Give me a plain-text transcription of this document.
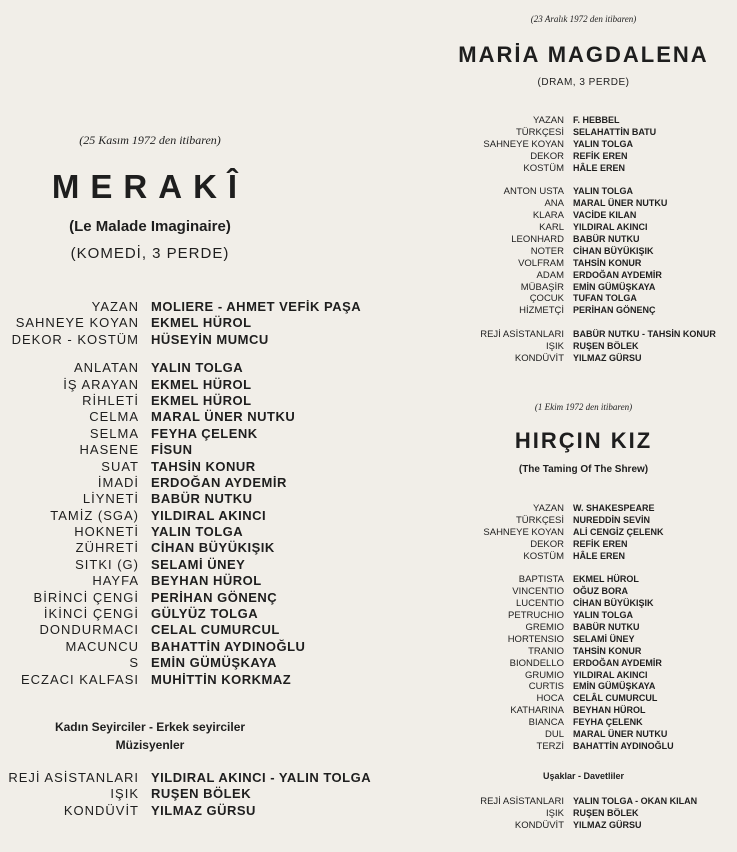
(25 Kasım 1972 den itibaren)
MERAKÎ
(Le Malade Imaginaire)
(KOMEDİ, 3 PERDE)
YAZAN MOLIERE - AHMET VEFİK PAŞA
SAHNEYE KOYAN EKMEL HÜROL
DEKOR - KOSTÜM HÜSEYİN MUMCU
ANLATAN YALIN TOLGA
İŞ ARAYAN EKMEL HÜROL
RİHLETİ EKMEL HÜROL
CELMA MARAL ÜNER NUTKU
SELMA FEYHA ÇELENK
HASENE FİSUN
SUAT TAHSİN KONUR
İMADİ ERDOĞAN AYDEMİR
LİYNETİ BABÜR NUTKU
TAMİZ (SGA) YILDIRAL AKINCI
HOKNETİ YALIN TOLGA
ZÜHRETİ CİHAN BÜYÜKIŞIK
SITKI (G) SELAMİ ÜNEY
HAYFA BEYHAN HÜROL
BİRİNCİ ÇENGİ PERİHAN GÖNENÇ
İKİNCİ ÇENGİ GÜLYÜZ TOLGA
DONDURMACI CELAL CUMURCUL
MACUNCU BAHATTİN AYDINOĞLU
S EMİN GÜMÜŞKAYA
ECZACI KALFASI MUHİTTİN KORKMAZ
Kadın Seyirciler - Erkek seyirciler
Müzisyenler
REJİ ASİSTANLARI YILDIRAL AKINCI - YALIN TOLGA
IŞIK RUŞEN BÖLEK
KONDÜVİT YILMAZ GÜRSU
(23 Aralık 1972 den itibaren)
MARİA MAGDALENA
(DRAM, 3 PERDE)
YAZAN F. HEBBEL
TÜRKÇESİ SELAHATTİN BATU
SAHNEYE KOYAN YALIN TOLGA
DEKOR REFİK EREN
KOSTÜM HÂLE EREN
ANTON USTA YALIN TOLGA
ANA MARAL ÜNER NUTKU
KLARA VACİDE KILAN
KARL YILDIRAL AKINCI
LEONHARD BABÜR NUTKU
NOTER CİHAN BÜYÜKIŞIK
VOLFRAM TAHSİN KONUR
ADAM ERDOĞAN AYDEMİR
MÜBAŞİR EMİN GÜMÜŞKAYA
ÇOCUK TUFAN TOLGA
HİZMETÇİ PERİHAN GÖNENÇ
REJİ ASİSTANLARI BABÜR NUTKU - TAHSİN KONUR
IŞIK RUŞEN BÖLEK
KONDÜVİT YILMAZ GÜRSU
(1 Ekim 1972 den itibaren)
HIRÇIN KIZ
(The Taming Of The Shrew)
YAZAN W. SHAKESPEARE
TÜRKÇESİ NUREDDİN SEVİN
SAHNEYE KOYAN ALİ CENGİZ ÇELENK
DEKOR REFİK EREN
KOSTÜM HÂLE EREN
BAPTISTA EKMEL HÜROL
VINCENTIO OĞUZ BORA
LUCENTIO CİHAN BÜYÜKIŞIK
PETRUCHIO YALIN TOLGA
GREMIO BABÜR NUTKU
HORTENSIO SELAMİ ÜNEY
TRANIO TAHSİN KONUR
BIONDELLO ERDOĞAN AYDEMİR
GRUMIO YILDIRAL AKINCI
CURTIS EMİN GÜMÜŞKAYA
HOCA CELÂL CUMURCUL
KATHARINA BEYHAN HÜROL
BIANCA FEYHA ÇELENK
DUL MARAL ÜNER NUTKU
TERZİ BAHATTİN AYDINOĞLU
Uşaklar - Davetliler
REJİ ASİSTANLARI YALIN TOLGA - OKAN KILAN
IŞIK RUŞEN BÖLEK
KONDÜVİT YILMAZ GÜRSU
